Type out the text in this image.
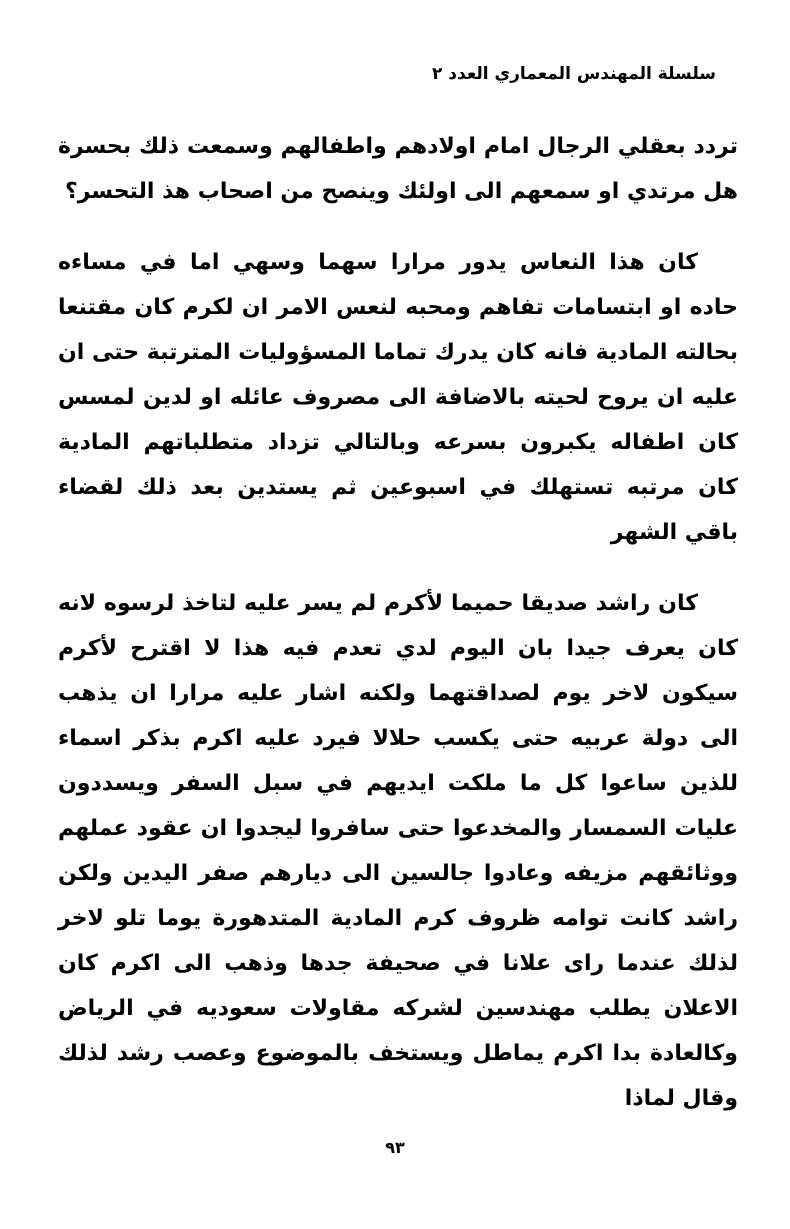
سلسلة المهندس المعماري العدد ٢

تردد بعقلي الرجال امام اولادهم واطفالهم وسمعت ذلك بحسرة هل مرتدي او سمعهم الى اولئك وينصح من اصحاب هذ التحسر؟

كان هذا النعاس يدور مرارا سهما وسهي اما في مساءه حاده او ابتسامات تفاهم ومحبه لنعس الامر ان لكرم كان مقتنعا بحالته المادية فانه كان يدرك تماما المسؤوليات المترتبة حتى ان عليه ان يروح لحيته بالاضافة الى مصروف عائله او لدين لمسس كان اطفاله يكبرون بسرعه وبالتالي تزداد متطلباتهم المادية كان مرتبه تستهلك في اسبوعين ثم يستدين بعد ذلك لقضاء باقي الشهر

كان راشد صديقا حميما لأكرم لم يسر عليه لتاخذ لرسوه لانه كان يعرف جيدا بان اليوم لدي تعدم فيه هذا لا اقترح لأكرم سيكون لاخر يوم لصداقتهما ولكنه اشار عليه مرارا ان يذهب الى دولة عربيه حتى يكسب حلالا فيرد عليه اكرم بذكر اسماء للذين ساعوا كل ما ملكت ايديهم في سبل السفر ويسددون عليات السمسار والمخدعوا حتى سافروا ليجدوا ان عقود عملهم ووثائقهم مزيفه وعادوا جالسين الى ديارهم صفر اليدين ولكن راشد كانت توامه ظروف كرم المادية المتدهورة يوما تلو لاخر لذلك عندما راى علانا في صحيفة جدها وذهب الى اكرم كان الاعلان يطلب مهندسين لشركه مقاولات سعوديه في الرياض وكالعادة بدا اكرم يماطل ويستخف بالموضوع وعصب رشد لذلك وقال لماذا

٩٣
